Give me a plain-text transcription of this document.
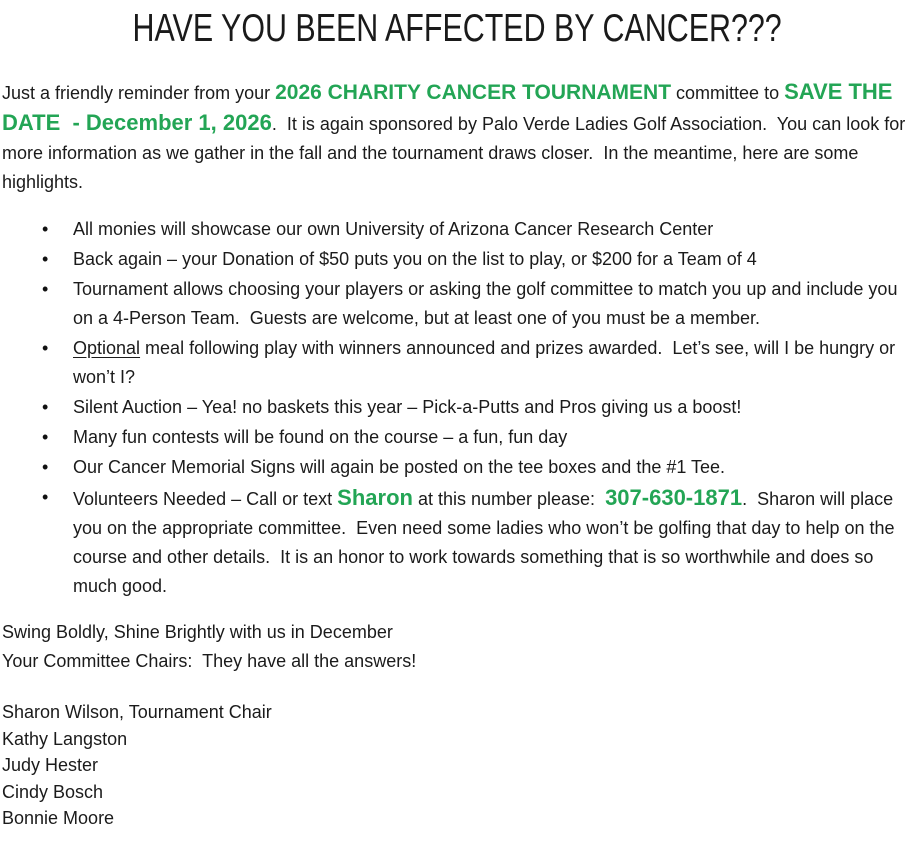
HAVE YOU BEEN AFFECTED BY CANCER???

Just a friendly reminder from your 2026 CHARITY CANCER TOURNAMENT committee to SAVE THE DATE  - December 1, 2026.  It is again sponsored by Palo Verde Ladies Golf Association.  You can look for more information as we gather in the fall and the tournament draws closer.  In the meantime, here are some highlights.

• All monies will showcase our own University of Arizona Cancer Research Center
• Back again – your Donation of $50 puts you on the list to play, or $200 for a Team of 4
• Tournament allows choosing your players or asking the golf committee to match you up and include you on a 4-Person Team.  Guests are welcome, but at least one of you must be a member.
• Optional meal following play with winners announced and prizes awarded.  Let’s see, will I be hungry or won’t I?
• Silent Auction – Yea! no baskets this year – Pick-a-Putts and Pros giving us a boost!
• Many fun contests will be found on the course – a fun, fun day
• Our Cancer Memorial Signs will again be posted on the tee boxes and the #1 Tee.
• Volunteers Needed – Call or text Sharon at this number please:  307-630-1871.  Sharon will place you on the appropriate committee.  Even need some ladies who won’t be golfing that day to help on the course and other details.  It is an honor to work towards something that is so worthwhile and does so much good.
Swing Boldly, Shine Brightly with us in December
Your Committee Chairs:  They have all the answers!
Sharon Wilson, Tournament Chair
Kathy Langston
Judy Hester
Cindy Bosch
Bonnie Moore
